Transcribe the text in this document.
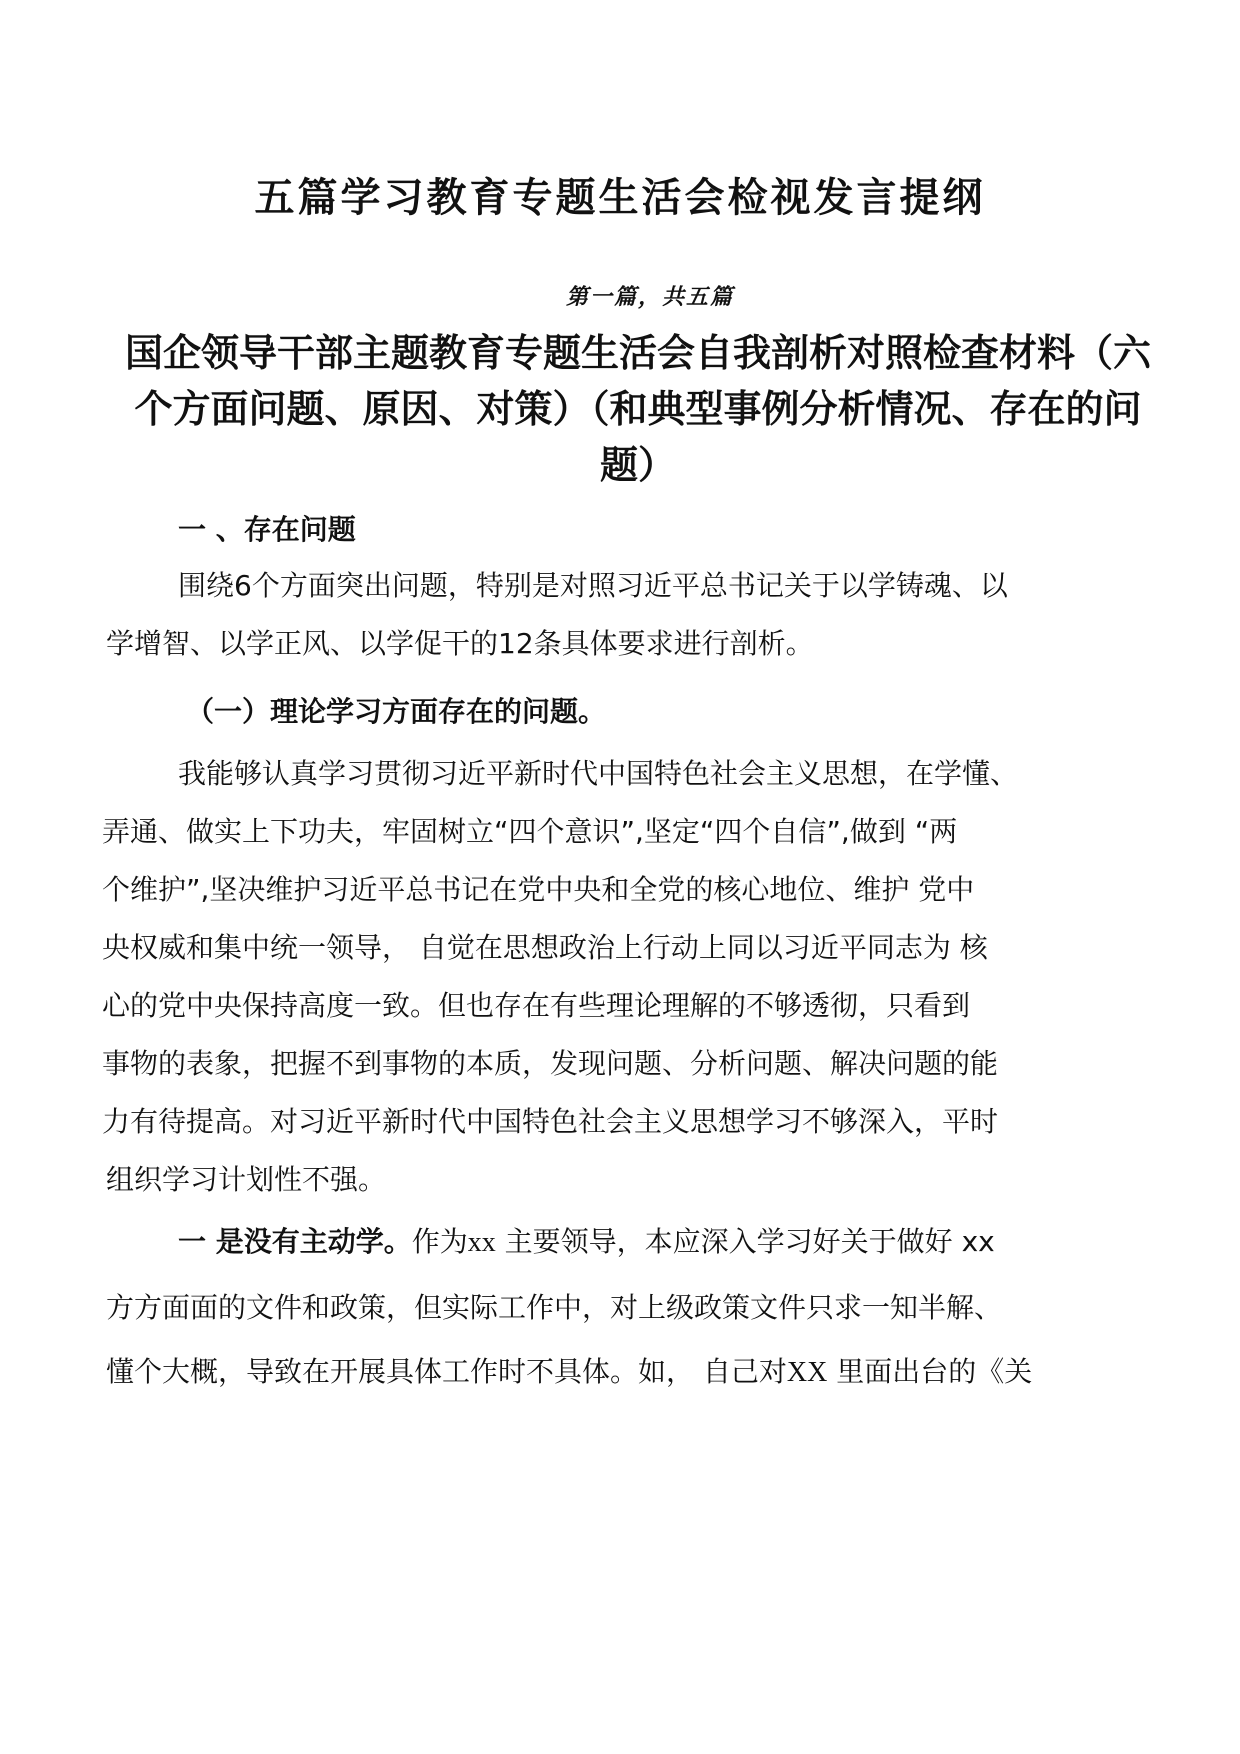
五篇学习教育专题生活会检视发言提纲
第一篇，共五篇
国企领导干部主题教育专题生活会自我剖析对照检查材料（六个方面问题、原因、对策）（和典型事例分析情况、存在的问题）
一 、存在问题
围绕6个方面突出问题，特别是对照习近平总书记关于以学铸魂、以
学增智、以学正风、以学促干的12条具体要求进行剖析。
（一）理论学习方面存在的问题。
我能够认真学习贯彻习近平新时代中国特色社会主义思想，在学懂、
弄通、做实上下功夫，牢固树立“四个意识”,坚定“四个自信”,做到 “两
个维护”,坚决维护习近平总书记在党中央和全党的核心地位、维护 党中
央权威和集中统一领导， 自觉在思想政治上行动上同以习近平同志为 核
心的党中央保持高度一致。但也存在有些理论理解的不够透彻，只看到
事物的表象，把握不到事物的本质，发现问题、分析问题、解决问题的能
力有待提高。对习近平新时代中国特色社会主义思想学习不够深入，平时
组织学习计划性不强。
一 是没有主动学。作为xx 主要领导，本应深入学习好关于做好 xx
方方面面的文件和政策，但实际工作中，对上级政策文件只求一知半解、
懂个大概，导致在开展具体工作时不具体。如， 自己对XX 里面出台的《关
